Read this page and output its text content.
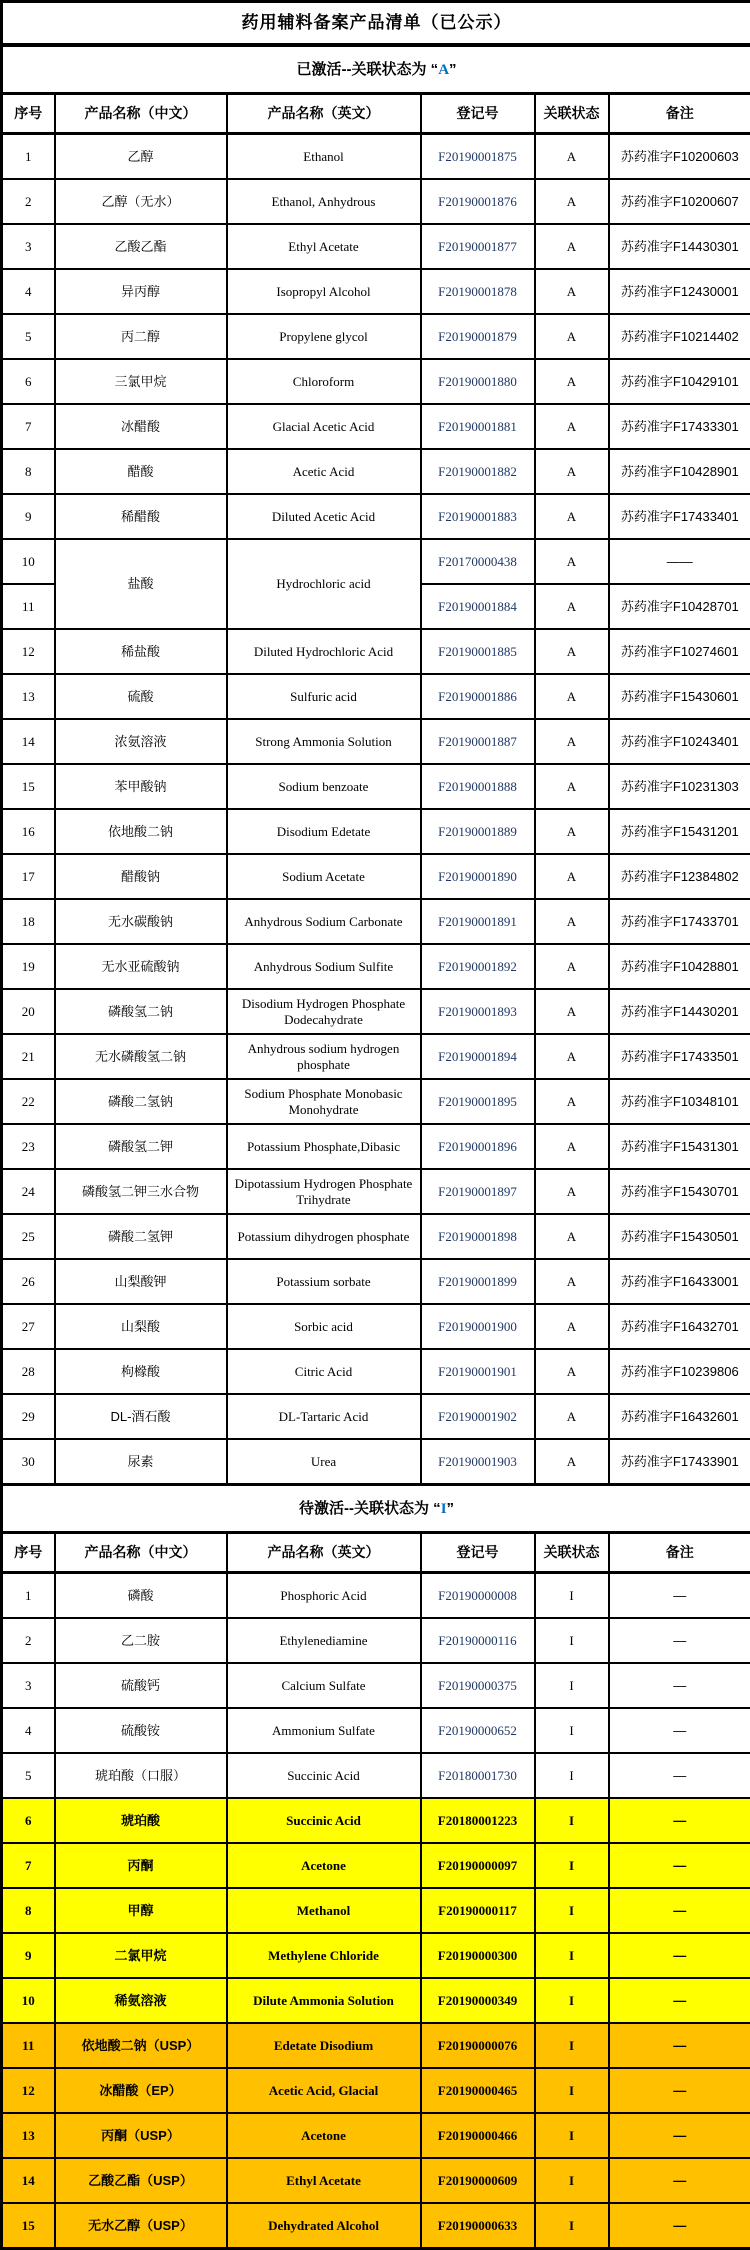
药用辅料备案产品清单（已公示）					
已激活--关联状态为 “A”					
序号	产品名称（中文）	产品名称（英文）	登记号	关联状态	备注
1	乙醇	Ethanol	F20190001875	A	苏药准字F10200603
2	乙醇（无水）	Ethanol, Anhydrous	F20190001876	A	苏药准字F10200607
3	乙酸乙酯	Ethyl Acetate	F20190001877	A	苏药准字F14430301
4	异丙醇	Isopropyl Alcohol	F20190001878	A	苏药准字F12430001
5	丙二醇	Propylene glycol	F20190001879	A	苏药准字F10214402
6	三氯甲烷	Chloroform	F20190001880	A	苏药准字F10429101
7	冰醋酸	Glacial Acetic Acid	F20190001881	A	苏药准字F17433301
8	醋酸	Acetic Acid	F20190001882	A	苏药准字F10428901
9	稀醋酸	Diluted Acetic Acid	F20190001883	A	苏药准字F17433401
10	盐酸	Hydrochloric acid	F20170000438	A	——
11			F20190001884	A	苏药准字F10428701
12	稀盐酸	Diluted Hydrochloric Acid	F20190001885	A	苏药准字F10274601
13	硫酸	Sulfuric acid	F20190001886	A	苏药准字F15430601
14	浓氨溶液	Strong Ammonia Solution	F20190001887	A	苏药准字F10243401
15	苯甲酸钠	Sodium benzoate	F20190001888	A	苏药准字F10231303
16	依地酸二钠	Disodium Edetate	F20190001889	A	苏药准字F15431201
17	醋酸钠	Sodium Acetate	F20190001890	A	苏药准字F12384802
18	无水碳酸钠	Anhydrous Sodium Carbonate	F20190001891	A	苏药准字F17433701
19	无水亚硫酸钠	Anhydrous Sodium Sulfite	F20190001892	A	苏药准字F10428801
20	磷酸氢二钠	Disodium Hydrogen Phosphate Dodecahydrate	F20190001893	A	苏药准字F14430201
21	无水磷酸氢二钠	Anhydrous sodium hydrogen phosphate	F20190001894	A	苏药准字F17433501
22	磷酸二氢钠	Sodium Phosphate Monobasic Monohydrate	F20190001895	A	苏药准字F10348101
23	磷酸氢二钾	Potassium Phosphate,Dibasic	F20190001896	A	苏药准字F15431301
24	磷酸氢二钾三水合物	Dipotassium Hydrogen Phosphate Trihydrate	F20190001897	A	苏药准字F15430701
25	磷酸二氢钾	Potassium dihydrogen phosphate	F20190001898	A	苏药准字F15430501
26	山梨酸钾	Potassium sorbate	F20190001899	A	苏药准字F16433001
27	山梨酸	Sorbic acid	F20190001900	A	苏药准字F16432701
28	枸橼酸	Citric Acid	F20190001901	A	苏药准字F10239806
29	DL-酒石酸	DL-Tartaric Acid	F20190001902	A	苏药准字F16432601
30	尿素	Urea	F20190001903	A	苏药准字F17433901
待激活--关联状态为 “I”					
序号	产品名称（中文）	产品名称（英文）	登记号	关联状态	备注
1	磷酸	Phosphoric Acid	F20190000008	I	—
2	乙二胺	Ethylenediamine	F20190000116	I	—
3	硫酸钙	Calcium Sulfate	F20190000375	I	—
4	硫酸铵	Ammonium Sulfate	F20190000652	I	—
5	琥珀酸（口服）	Succinic Acid	F20180001730	I	—
6	琥珀酸	Succinic Acid	F20180001223	I	—
7	丙酮	Acetone	F20190000097	I	—
8	甲醇	Methanol	F20190000117	I	—
9	二氯甲烷	Methylene Chloride	F20190000300	I	—
10	稀氨溶液	Dilute Ammonia Solution	F20190000349	I	—
11	依地酸二钠（USP）	Edetate Disodium	F20190000076	I	—
12	冰醋酸（EP）	Acetic Acid, Glacial	F20190000465	I	—
13	丙酮（USP）	Acetone	F20190000466	I	—
14	乙酸乙酯（USP）	Ethyl Acetate	F20190000609	I	—
15	无水乙醇（USP）	Dehydrated Alcohol	F20190000633	I	—
